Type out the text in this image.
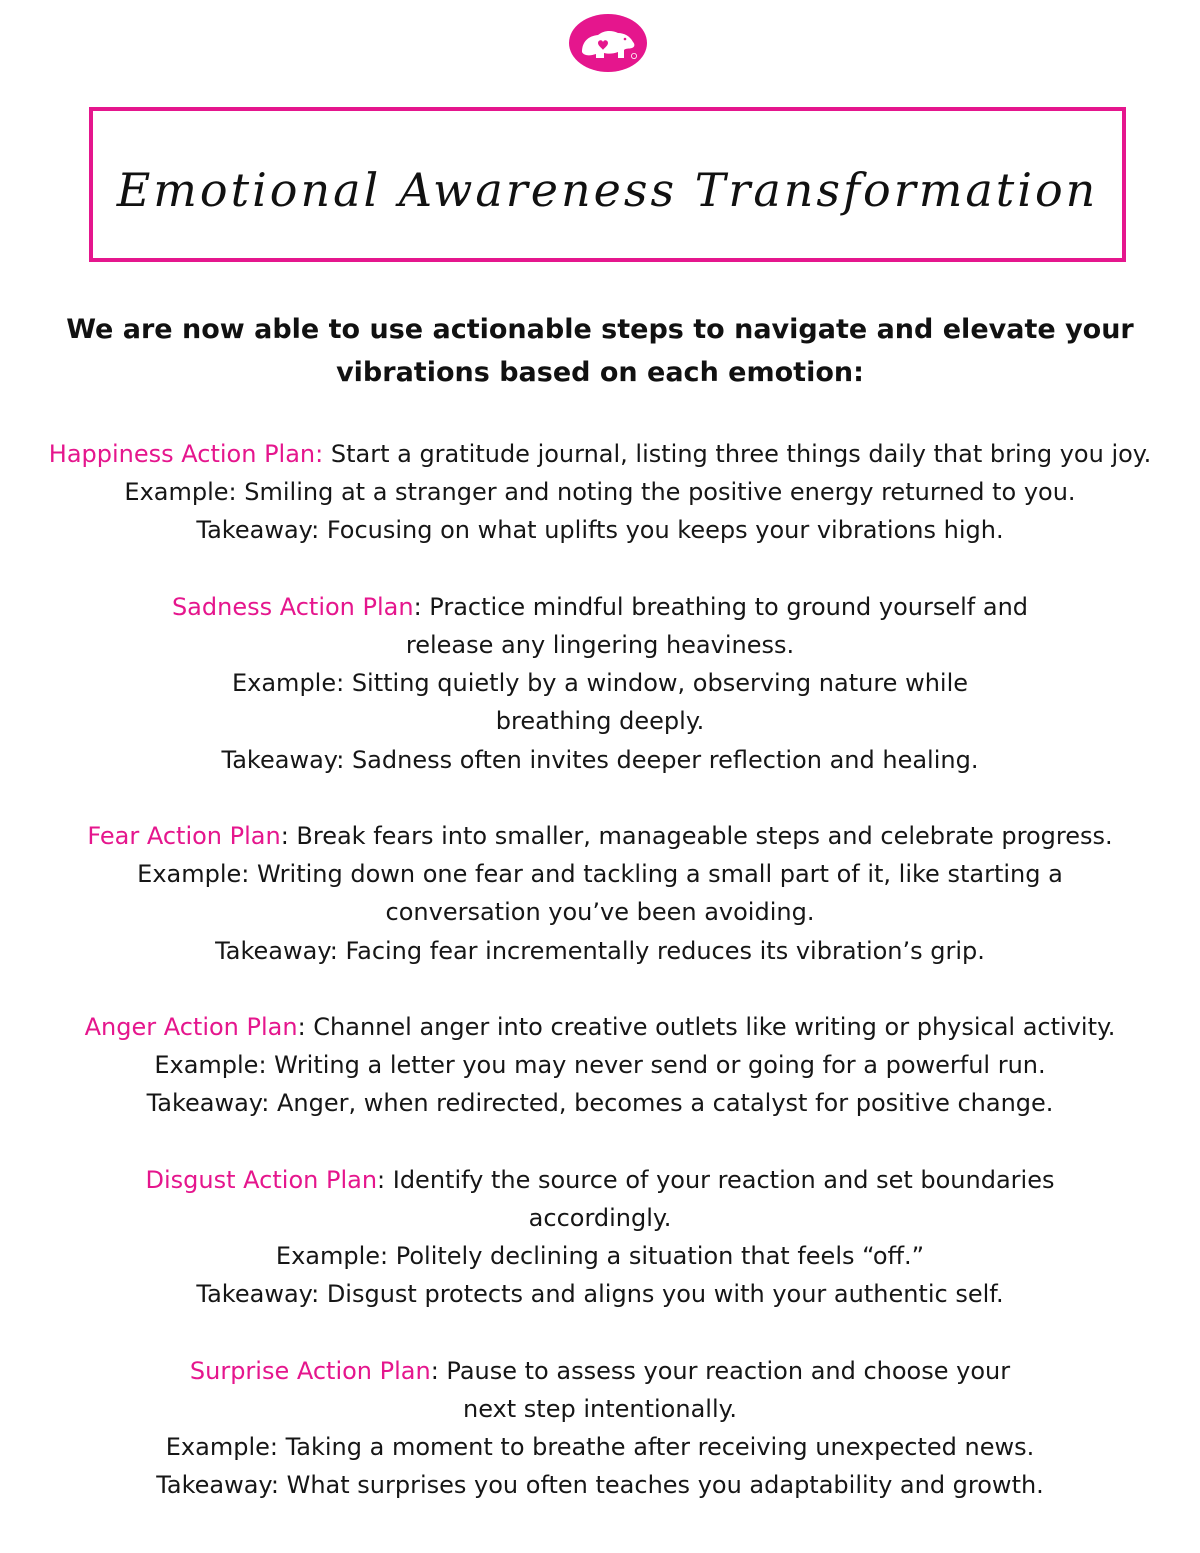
Emotional Awareness Transformation
We are now able to use actionable steps to navigate and elevate your
vibrations based on each emotion:
Happiness Action Plan: Start a gratitude journal, listing three things daily that bring you joy.
Example: Smiling at a stranger and noting the positive energy returned to you.
Takeaway: Focusing on what uplifts you keeps your vibrations high.
Sadness Action Plan: Practice mindful breathing to ground yourself and
release any lingering heaviness.
Example: Sitting quietly by a window, observing nature while
breathing deeply.
Takeaway: Sadness often invites deeper reflection and healing.
Fear Action Plan: Break fears into smaller, manageable steps and celebrate progress.
Example: Writing down one fear and tackling a small part of it, like starting a
conversation you’ve been avoiding.
Takeaway: Facing fear incrementally reduces its vibration’s grip.
Anger Action Plan: Channel anger into creative outlets like writing or physical activity.
Example: Writing a letter you may never send or going for a powerful run.
Takeaway: Anger, when redirected, becomes a catalyst for positive change.
Disgust Action Plan: Identify the source of your reaction and set boundaries
accordingly.
Example: Politely declining a situation that feels “off.”
Takeaway: Disgust protects and aligns you with your authentic self.
Surprise Action Plan: Pause to assess your reaction and choose your
next step intentionally.
Example: Taking a moment to breathe after receiving unexpected news.
Takeaway: What surprises you often teaches you adaptability and growth.
